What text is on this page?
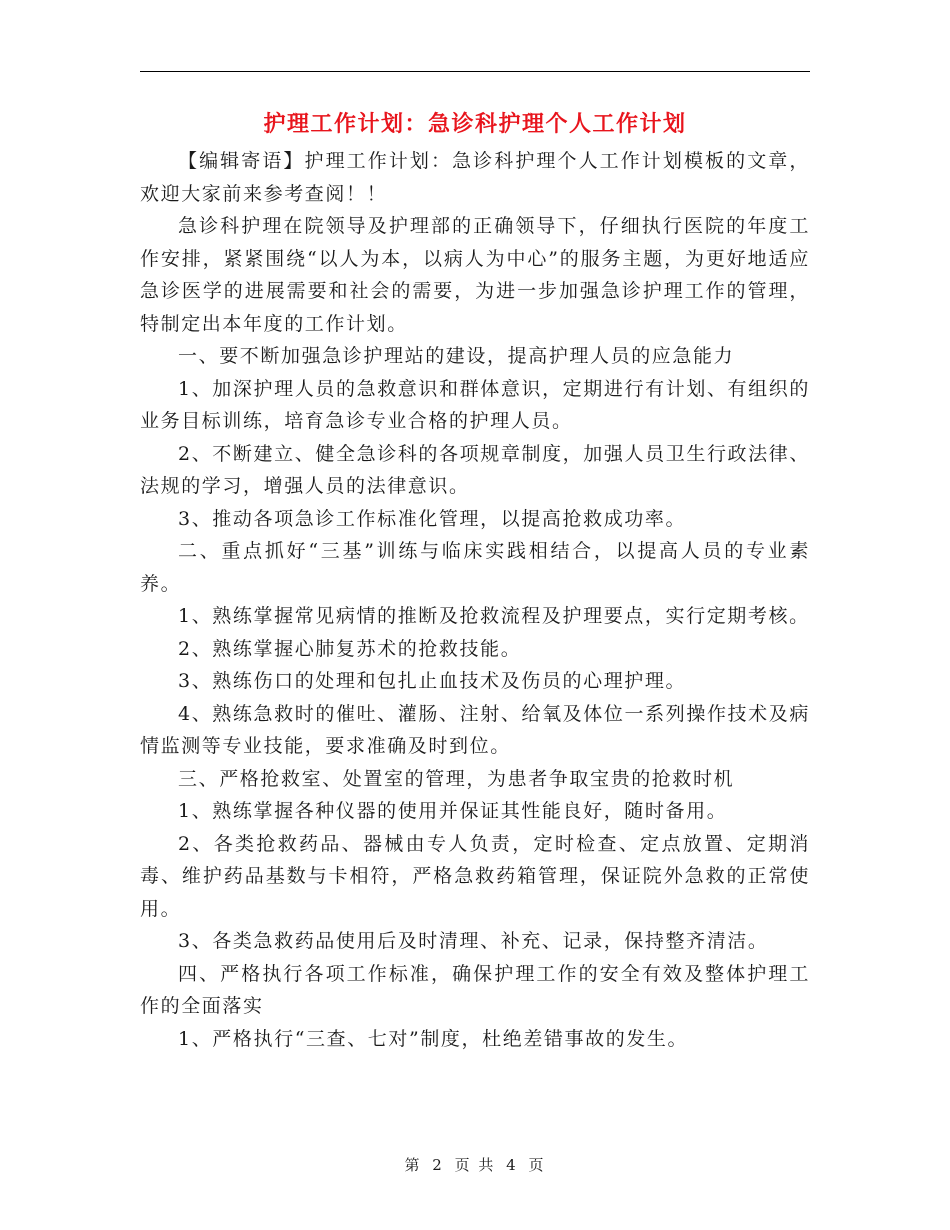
护理工作计划：急诊科护理个人工作计划

【编辑寄语】护理工作计划：急诊科护理个人工作计划模板的文章，欢迎大家前来参考查阅！！

急诊科护理在院领导及护理部的正确领导下，仔细执行医院的年度工作安排，紧紧围绕“以人为本，以病人为中心”的服务主题，为更好地适应急诊医学的进展需要和社会的需要，为进一步加强急诊护理工作的管理，特制定出本年度的工作计划。

一、要不断加强急诊护理站的建设，提高护理人员的应急能力

1、加深护理人员的急救意识和群体意识，定期进行有计划、有组织的业务目标训练，培育急诊专业合格的护理人员。

2、不断建立、健全急诊科的各项规章制度，加强人员卫生行政法律、法规的学习，增强人员的法律意识。

3、推动各项急诊工作标准化管理，以提高抢救成功率。

二、重点抓好“三基”训练与临床实践相结合，以提高人员的专业素养。

1、熟练掌握常见病情的推断及抢救流程及护理要点，实行定期考核。

2、熟练掌握心肺复苏术的抢救技能。

3、熟练伤口的处理和包扎止血技术及伤员的心理护理。

4、熟练急救时的催吐、灌肠、注射、给氧及体位一系列操作技术及病情监测等专业技能，要求准确及时到位。

三、严格抢救室、处置室的管理，为患者争取宝贵的抢救时机

1、熟练掌握各种仪器的使用并保证其性能良好，随时备用。

2、各类抢救药品、器械由专人负责，定时检查、定点放置、定期消毒、维护药品基数与卡相符，严格急救药箱管理，保证院外急救的正常使用。

3、各类急救药品使用后及时清理、补充、记录，保持整齐清洁。

四、严格执行各项工作标准，确保护理工作的安全有效及整体护理工作的全面落实

1、严格执行“三查、七对”制度，杜绝差错事故的发生。

第 2 页 共 4 页
